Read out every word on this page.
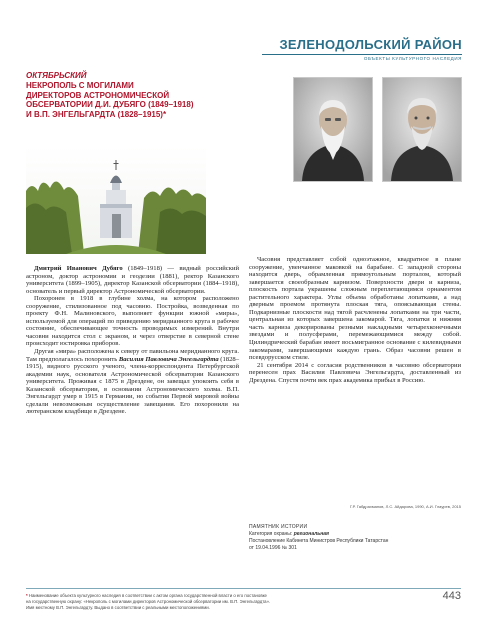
ЗЕЛЕНОДОЛЬСКИЙ РАЙОН
ОБЪЕКТЫ КУЛЬТУРНОГО НАСЛЕДИЯ
ОКТЯБРЬСКИЙ
НЕКРОПОЛЬ С МОГИЛАМИ
ДИРЕКТОРОВ АСТРОНОМИЧЕСКОЙ
ОБСЕРВАТОРИИ Д.И. ДУБЯГО (1849–1918)
И В.П. ЭНГЕЛЬГАРДТА (1828–1915)*

Дмитрий Иванович Дубяго (1849–1918) — видный российский астроном, доктор астрономии и геодезии (1881), ректор Казанского университета (1899–1905), директор Казанской обсерватории (1884–1918), основатель и первый директор Астрономической обсерватории.

Похоронен в 1918 в глубине холма, на котором расположено сооружение, стилизованное под часовню. Постройка, возведенная по проекту Ф.Н. Малиновского, выполняет функции южной «миры», используемой для операций по приведению меридианного круга в рабочее состояние, обеспечивающее точность проводимых измерений. Внутри часовни находится стол с экраном, и через отверстие в северной стене происходит юстировка приборов.

Другая «мира» расположена к северу от павильона меридианного круга. Там предполагалось похоронить Василия Павловича Энгельгардта (1828–1915), видного русского ученого, члена-корреспондента Петербургской академии наук, основателя Астрономической обсерватории Казанского университета. Проживая с 1875 в Дрездене, он завещал упокоить себя в Казанской обсерватории, в основании Астрономического холма. В.П. Энгельгардт умер в 1915 в Германии, но события Первой мировой войны сделали невозможным осуществление завещания. Его похоронили на лютеранском кладбище в Дрездене.

Часовня представляет собой одноэтажное, квадратное в плане сооружение, увенчанное маковкой на барабане. С западной стороны находится дверь, обрамленная прямоугольным порталом, который завершается своеобразным карнизом. Поверхности двери и карниза, плоскость портала украшены сложным переплетающимся орнаментом растительного характера. Углы объема обработаны лопатками, а над дверным проемом протянута плоская тяга, опоясывающая стены. Подкарнизные плоскости над тягой расчленены лопатками на три части, центральная из которых завершена закомарой. Тяга, лопатки и нижняя часть карниза декорированы резными накладными четырехконечными звездами и полусферами, перемежающимися между собой. Цилиндрический барабан имеет восьмигранное основание с килевидными закомарами, завершающими каждую грань. Образ часовни решен в псевдорусском стиле.

21 сентября 2014 с согласия родственников в часовню обсерватории перенесен прах Василия Павловича Энгельгардта, доставленный из Дрездена. Спустя почти век прах академика прибыл в Россию.

Г.Р. Габдрахманов, Л.С. Айдарова, 1990, А.И. Глаурев, 2015
ПАМЯТНИК ИСТОРИИ
Категория охраны: региональная
Постановление Кабинета Министров Республики Татарстан
от 19.04.1996 № 301
* Наименование объекта культурного наследия в соответствии с актом органа государственной власти о его постановке
на государственную охрану: «Некрополь с могилами директоров Астрономической обсерватории им. В.П. Энгельгардта».
Имя местному В.П. Энгельгардту. Выдано в соответствии с реальными местоположениями.
443
